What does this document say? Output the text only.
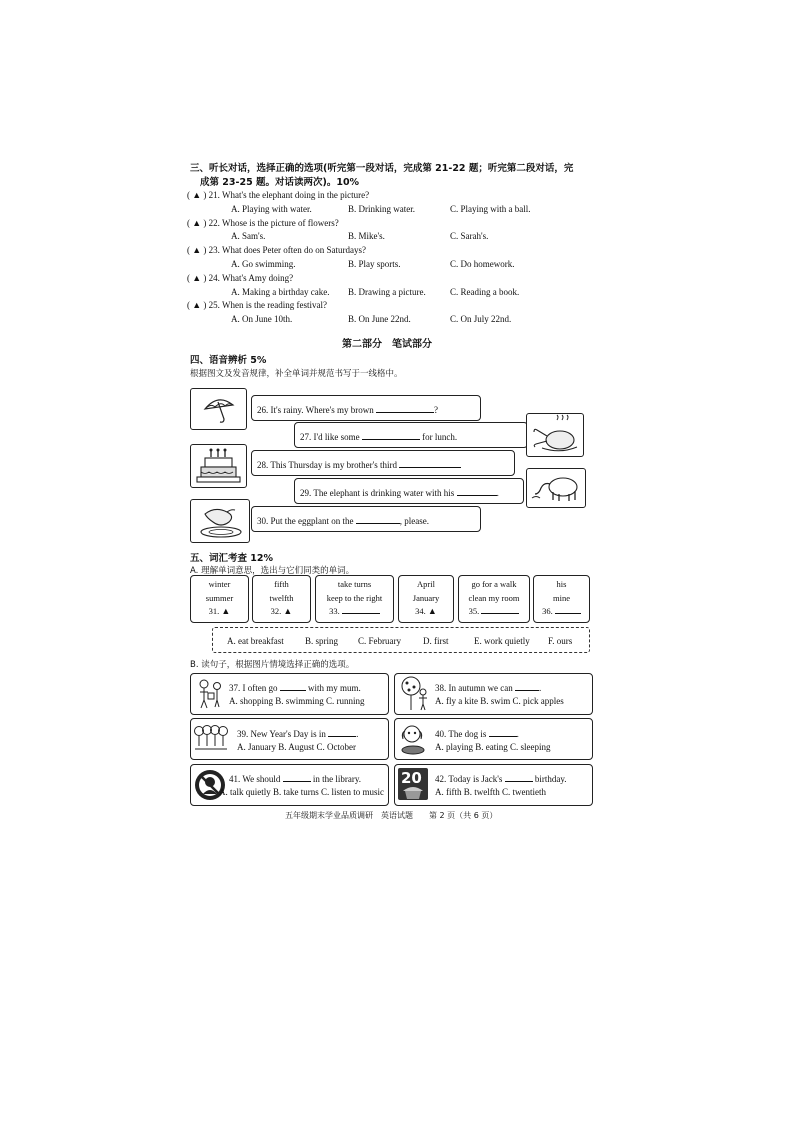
三、听长对话，选择正确的选项(听完第一段对话，完成第 21-22 题；听完第二段对话，完
成第 23-25 题。对话读两次)。10%
( ▲ ) 21. What's the elephant doing in the picture?
A. Playing with water.	B. Drinking water.	C. Playing with a ball.
( ▲ ) 22. Whose is the picture of flowers?
A. Sam's.	B. Mike's.	C. Sarah's.
( ▲ ) 23. What does Peter often do on Saturdays?
A. Go swimming.	B. Play sports.	C. Do homework.
( ▲ ) 24. What's Amy doing?
A. Making a birthday cake. B. Drawing a picture.	C. Reading a book.
( ▲ ) 25. When is the reading festival?
A. On June 10th.	B. On June 22nd.	C. On July 22nd.
第二部分　笔试部分
四、语音辨析 5%
根据图文及发音规律，补全单词并规范书写于一线格中。
26. It's rainy. Where's my brown	?
27. I'd like some	for lunch.
28. This Thursday is my brother's third
29. The elephant is drinking water with his	.
30. Put the eggplant on the	, please.
五、词汇考查 12%
A. 理解单词意思，选出与它们同类的单词。
winter
summer
31. ▲
fifth
twelfth
32. ▲
take turns
keep to the right
33.
April
January
34. ▲
go for a walk
clean my room
35.
his
mine
36.
A. eat breakfast B. spring C. February D. first	E. work quietly F. ours
B. 读句子，根据图片情境选择正确的选项。
37. I often go	with my mum.
A. shopping B. swimming C. running
38. In autumn we can	.
A. fly a kite B. swim C. pick apples
39. New Year's Day is in	.
A. January B. August C. October
40. The dog is	.
A. playing B. eating C. sleeping
41. We should	in the library.
A. talk quietly B. take turns C. listen to music
20 42. Today is Jack's	birthday.
A. fifth B. twelfth C. twentieth
五年级期末学业品质调研　英语试题　　第 2 页（共 6 页）
